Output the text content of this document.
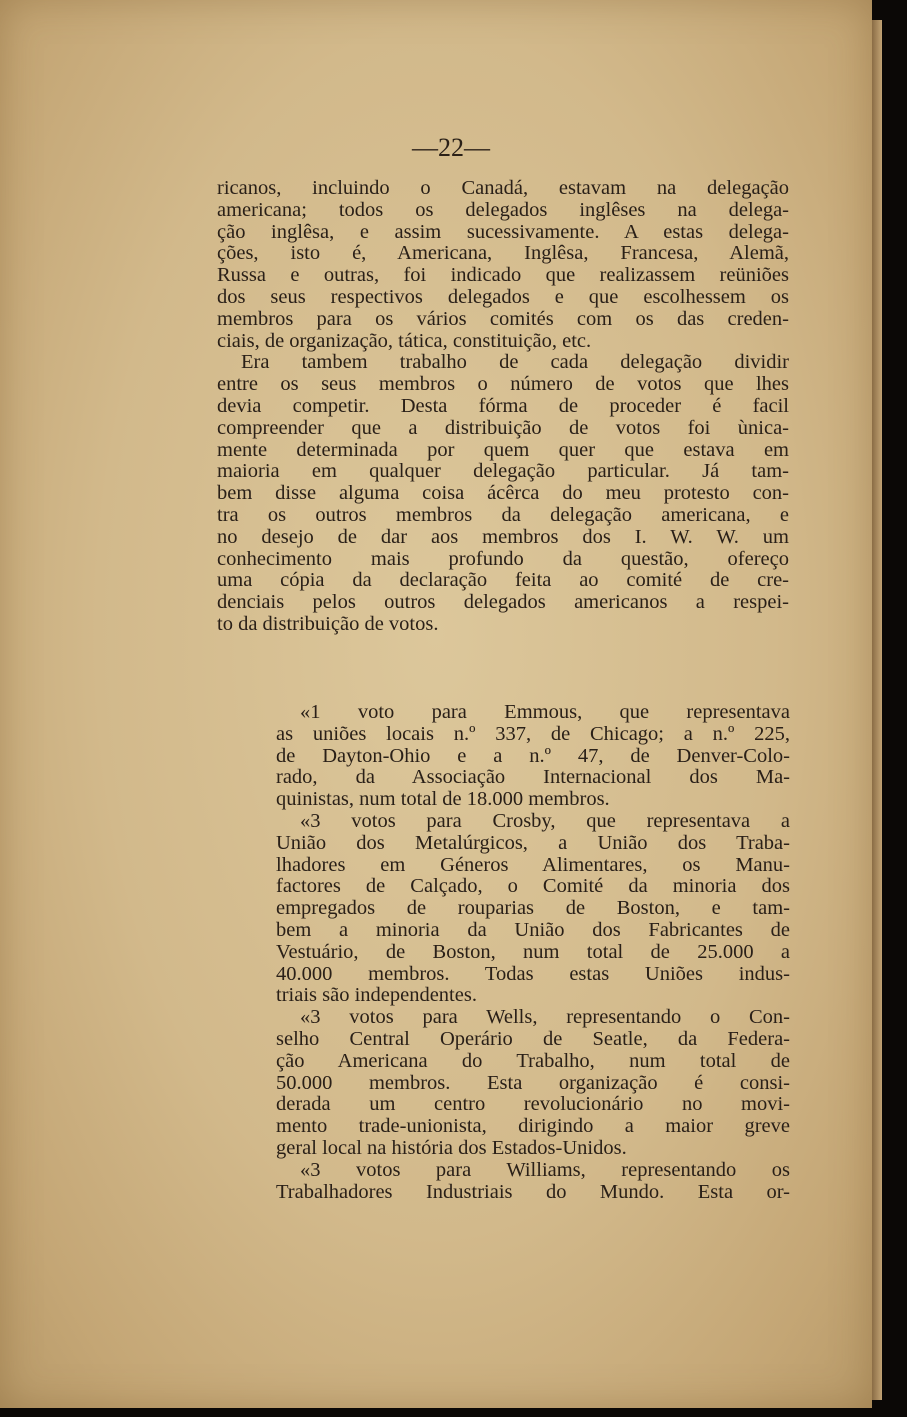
—22—
ricanos, incluindo o Canadá, estavam na delegação
americana; todos os delegados inglêses na delega-
ção inglêsa, e assim sucessivamente. A estas delega-
ções, isto é, Americana, Inglêsa, Francesa, Alemã,
Russa e outras, foi indicado que realizassem reüniões
dos seus respectivos delegados e que escolhessem os
membros para os vários comités com os das creden-
ciais, de organização, tática, constituição, etc.
Era tambem trabalho de cada delegação dividir
entre os seus membros o número de votos que lhes
devia competir. Desta fórma de proceder é facil
compreender que a distribuição de votos foi ùnica-
mente determinada por quem quer que estava em
maioria em qualquer delegação particular. Já tam-
bem disse alguma coisa ácêrca do meu protesto con-
tra os outros membros da delegação americana, e
no desejo de dar aos membros dos I. W. W. um
conhecimento mais profundo da questão, ofereço
uma cópia da declaração feita ao comité de cre-
denciais pelos outros delegados americanos a respei-
to da distribuição de votos.
«1 voto para Emmous, que representava
as uniões locais n.º 337, de Chicago; a n.º 225,
de Dayton-Ohio e a n.º 47, de Denver-Colo-
rado, da Associação Internacional dos Ma-
quinistas, num total de 18.000 membros.
«3 votos para Crosby, que representava a
União dos Metalúrgicos, a União dos Traba-
lhadores em Géneros Alimentares, os Manu-
factores de Calçado, o Comité da minoria dos
empregados de rouparias de Boston, e tam-
bem a minoria da União dos Fabricantes de
Vestuário, de Boston, num total de 25.000 a
40.000 membros. Todas estas Uniões indus-
triais são independentes.
«3 votos para Wells, representando o Con-
selho Central Operário de Seatle, da Federa-
ção Americana do Trabalho, num total de
50.000 membros. Esta organização é consi-
derada um centro revolucionário no movi-
mento trade-unionista, dirigindo a maior greve
geral local na história dos Estados-Unidos.
«3 votos para Williams, representando os
Trabalhadores Industriais do Mundo. Esta or-
